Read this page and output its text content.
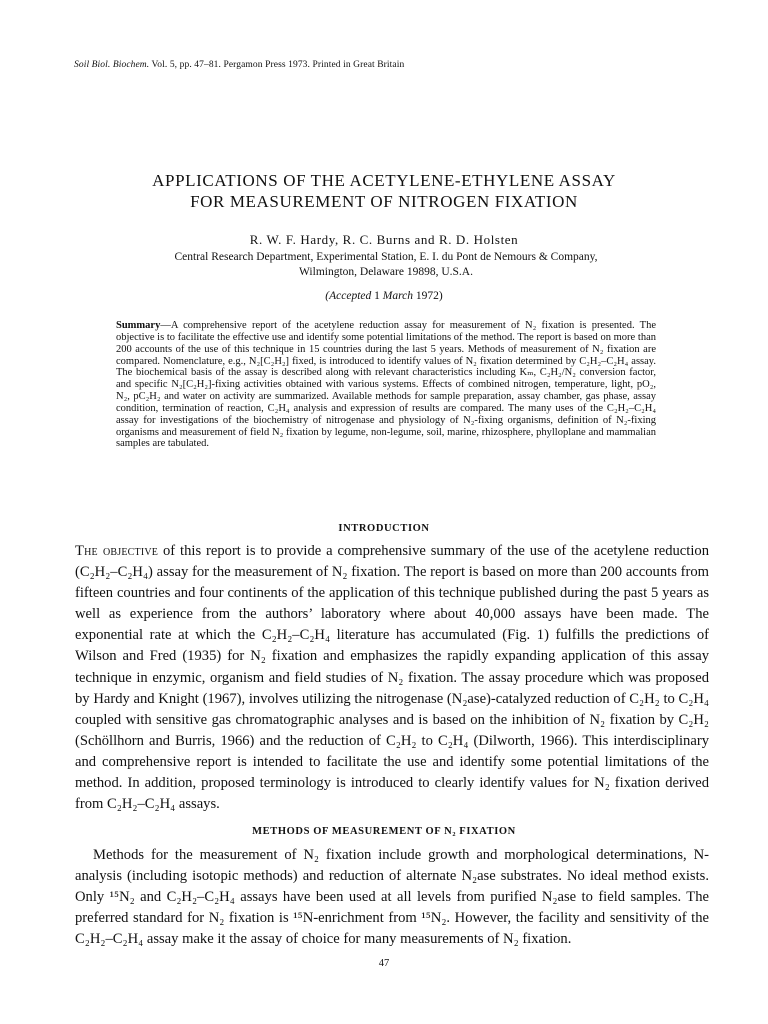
Soil Biol. Biochem. Vol. 5, pp. 47–81. Pergamon Press 1973. Printed in Great Britain
APPLICATIONS OF THE ACETYLENE-ETHYLENE ASSAY
FOR MEASUREMENT OF NITROGEN FIXATION
R. W. F. Hardy, R. C. Burns and R. D. Holsten
Central Research Department, Experimental Station, E. I. du Pont de Nemours & Company,
Wilmington, Delaware 19898, U.S.A.
(Accepted 1 March 1972)

Summary—A comprehensive report of the acetylene reduction assay for measurement of N₂ fixation is presented. The objective is to facilitate the effective use and identify some potential limitations of the method. The report is based on more than 200 accounts of the use of this technique in 15 countries during the last 5 years. Methods of measurement of N₂ fixation are compared. Nomenclature, e.g., N₂[C₂H₂] fixed, is introduced to identify values of N₂ fixation determined by C₂H₂–C₂H₄ assay. The biochemical basis of the assay is described along with relevant characteristics including Kₘ, C₂H₂/N₂ conversion factor, and specific N₂[C₂H₂]-fixing activities obtained with various systems. Effects of combined nitrogen, temperature, light, pO₂, N₂, pC₂H₂ and water on activity are summarized. Available methods for sample preparation, assay chamber, gas phase, assay condition, termination of reaction, C₂H₄ analysis and expression of results are compared. The many uses of the C₂H₂–C₂H₄ assay for investigations of the biochemistry of nitrogenase and physiology of N₂-fixing organisms, definition of N₂-fixing organisms and measurement of field N₂ fixation by legume, non-legume, soil, marine, rhizosphere, phylloplane and mammalian samples are tabulated.

INTRODUCTION

The objective of this report is to provide a comprehensive summary of the use of the acetylene reduction (C₂H₂–C₂H₄) assay for the measurement of N₂ fixation. The report is based on more than 200 accounts from fifteen countries and four continents of the application of this technique published during the past 5 years as well as experience from the authors’ laboratory where about 40,000 assays have been made. The exponential rate at which the C₂H₂–C₂H₄ literature has accumulated (Fig. 1) fulfills the predictions of Wilson and Fred (1935) for N₂ fixation and emphasizes the rapidly expanding application of this assay technique in enzymic, organism and field studies of N₂ fixation. The assay procedure which was proposed by Hardy and Knight (1967), involves utilizing the nitrogenase (N₂ase)-catalyzed reduction of C₂H₂ to C₂H₄ coupled with sensitive gas chromatographic analyses and is based on the inhibition of N₂ fixation by C₂H₂ (Schöllhorn and Burris, 1966) and the reduction of C₂H₂ to C₂H₄ (Dilworth, 1966). This interdisciplinary and comprehensive report is intended to facilitate the use and identify some potential limitations of the method. In addition, proposed terminology is introduced to clearly identify values for N₂ fixation derived from C₂H₂–C₂H₄ assays.

METHODS OF MEASUREMENT OF N₂ FIXATION

Methods for the measurement of N₂ fixation include growth and morphological determinations, N-analysis (including isotopic methods) and reduction of alternate N₂ase substrates. No ideal method exists. Only ¹⁵N₂ and C₂H₂–C₂H₄ assays have been used at all levels from purified N₂ase to field samples. The preferred standard for N₂ fixation is ¹⁵N-enrichment from ¹⁵N₂. However, the facility and sensitivity of the C₂H₂–C₂H₄ assay make it the assay of choice for many measurements of N₂ fixation.

47
